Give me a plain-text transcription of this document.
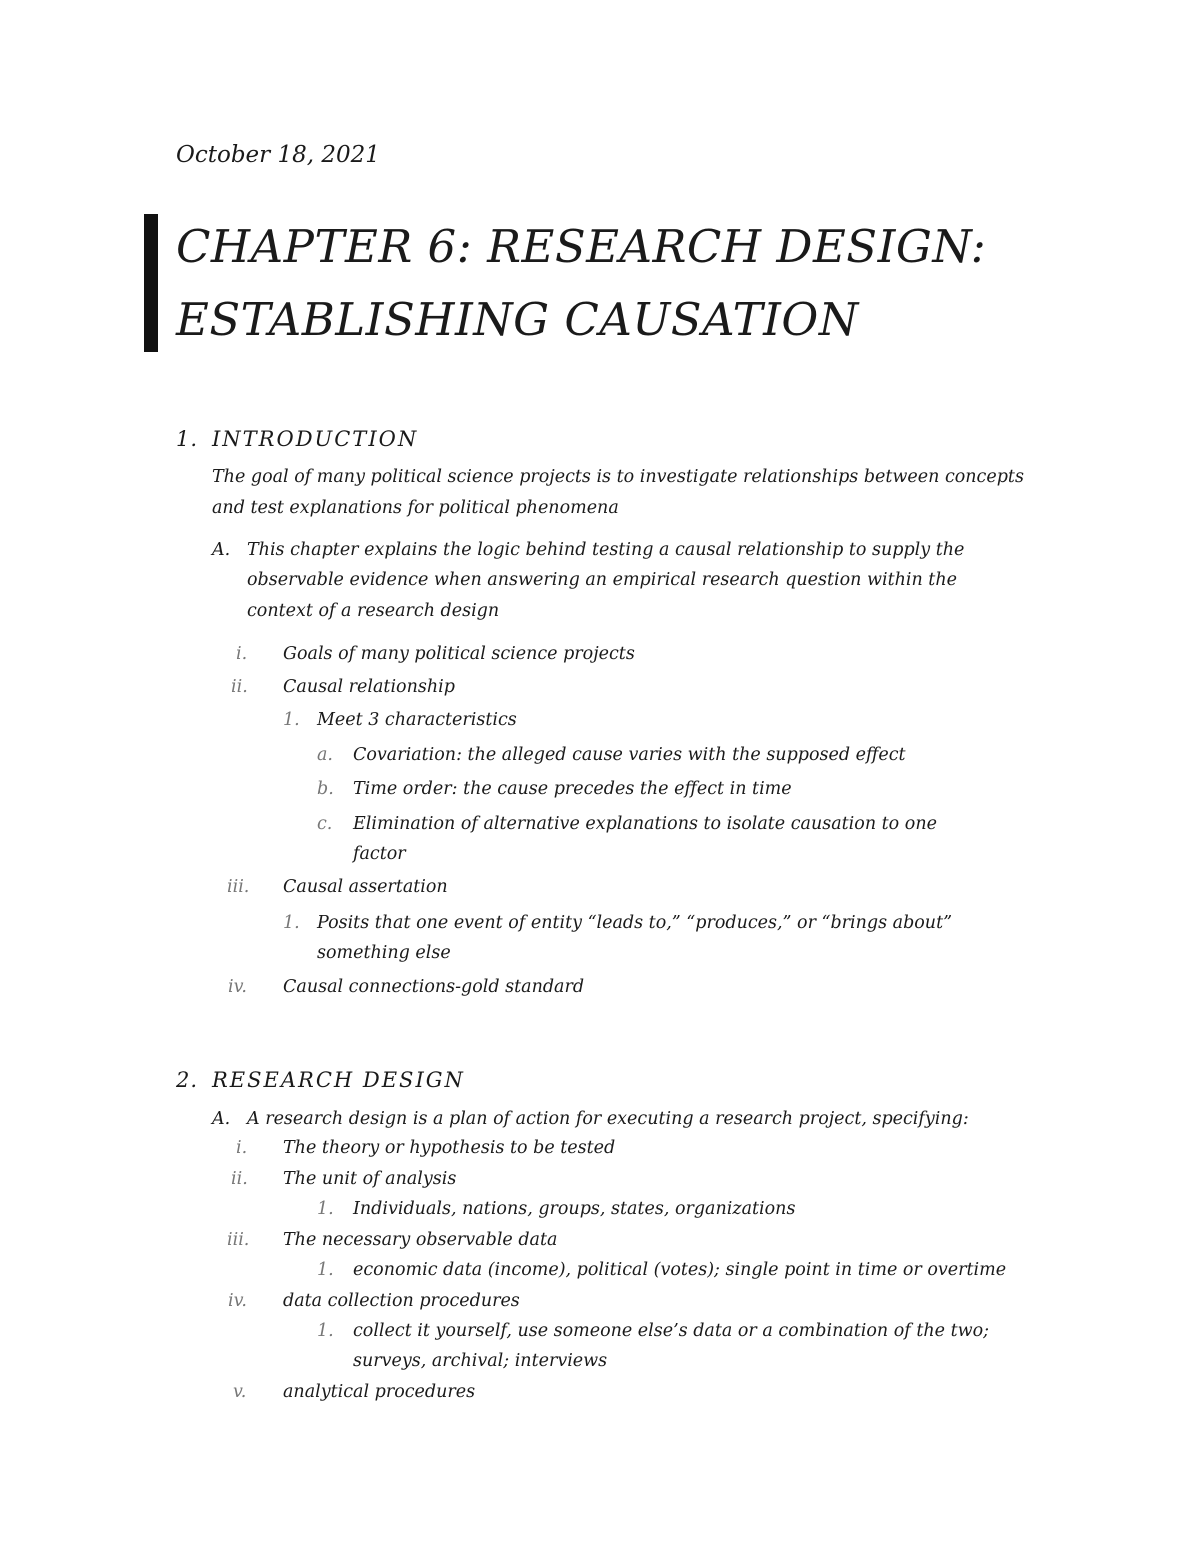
October 18, 2021
CHAPTER 6: RESEARCH DESIGN:
ESTABLISHING CAUSATION
1. INTRODUCTION
The goal of many political science projects is to investigate relationships between concepts
and test explanations for political phenomena
A. This chapter explains the logic behind testing a causal relationship to supply the
observable evidence when answering an empirical research question within the
context of a research design
i. Goals of many political science projects
ii. Causal relationship
1. Meet 3 characteristics
a. Covariation: the alleged cause varies with the supposed effect
b. Time order: the cause precedes the effect in time
c. Elimination of alternative explanations to isolate causation to one
factor
iii. Causal assertation
1. Posits that one event of entity “leads to,” “produces,” or “brings about”
something else
iv. Causal connections-gold standard
2. RESEARCH DESIGN
A. A research design is a plan of action for executing a research project, specifying:
i. The theory or hypothesis to be tested
ii. The unit of analysis
1. Individuals, nations, groups, states, organizations
iii. The necessary observable data
1. economic data (income), political (votes); single point in time or overtime
iv. data collection procedures
1. collect it yourself, use someone else’s data or a combination of the two;
surveys, archival; interviews
v. analytical procedures
